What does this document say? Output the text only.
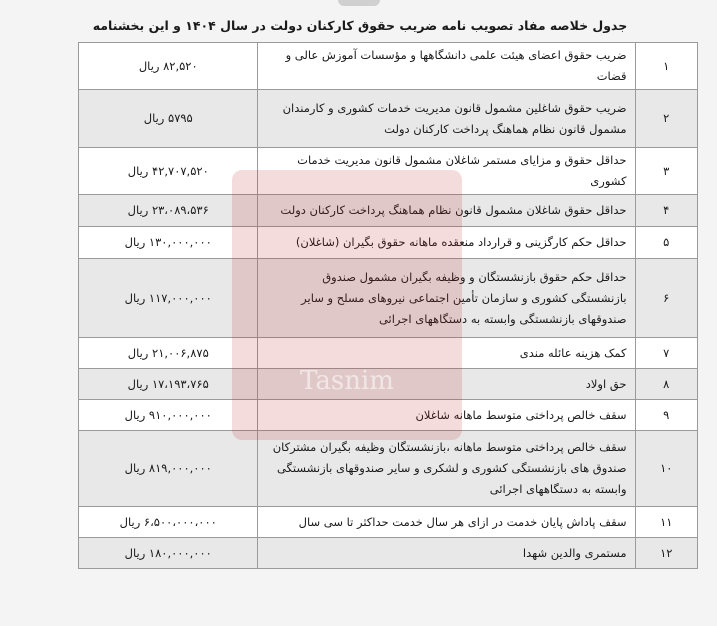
جدول خلاصه مفاد تصویب نامه ضریب حقوق کارکنان دولت در سال ۱۴۰۴ و این بخشنامه
۱	ضریب حقوق اعضای هیئت علمی دانشگاهها و مؤسسات آموزش عالی و قضات	۸۲,۵۲۰ ریال
۲	ضریب حقوق شاغلین مشمول قانون مدیریت خدمات کشوری و کارمندان مشمول قانون نظام هماهنگ پرداخت کارکنان دولت	۵۷۹۵ ریال
۳	حداقل حقوق و مزایای مستمر شاغلان مشمول قانون مدیریت خدمات کشوری	۴۲,۷۰۷,۵۲۰ ریال
۴	حداقل حقوق شاغلان مشمول قانون نظام هماهنگ پرداخت کارکنان دولت	۲۳،۰۸۹،۵۳۶ ریال
۵	حداقل حکم کارگزینی و قرارداد منعقده ماهانه حقوق بگیران (شاغلان)	۱۳۰,۰۰۰,۰۰۰ ریال
۶	حداقل حکم حقوق بازنشستگان و وظیفه بگیران مشمول صندوق بازنشستگی کشوری و سازمان تأمین اجتماعی نیروهای مسلح و سایر صندوقهای بازنشستگی وابسته به دستگاههای اجرائی	۱۱۷,۰۰۰,۰۰۰ ریال
۷	کمک هزینه عائله مندی	۲۱,۰۰۶,۸۷۵ ریال
۸	حق اولاد	۱۷،۱۹۳،۷۶۵ ریال
۹	سقف خالص پرداختی متوسط ماهانه شاغلان	۹۱۰,۰۰۰,۰۰۰ ریال
۱۰	سقف خالص پرداختی متوسط ماهانه ،بازنشستگان وظیفه بگیران مشترکان صندوق های بازنشستگی کشوری و لشکری و سایر صندوقهای بازنشستگی وابسته به دستگاههای اجرائی	۸۱۹,۰۰۰,۰۰۰ ریال
۱۱	سقف پاداش پایان خدمت در ازای هر سال خدمت حداکثر تا سی سال	۶،۵۰۰،۰۰۰،۰۰۰ ریال
۱۲	مستمری والدین شهدا	۱۸۰,۰۰۰,۰۰۰ ریال
Tasnim
